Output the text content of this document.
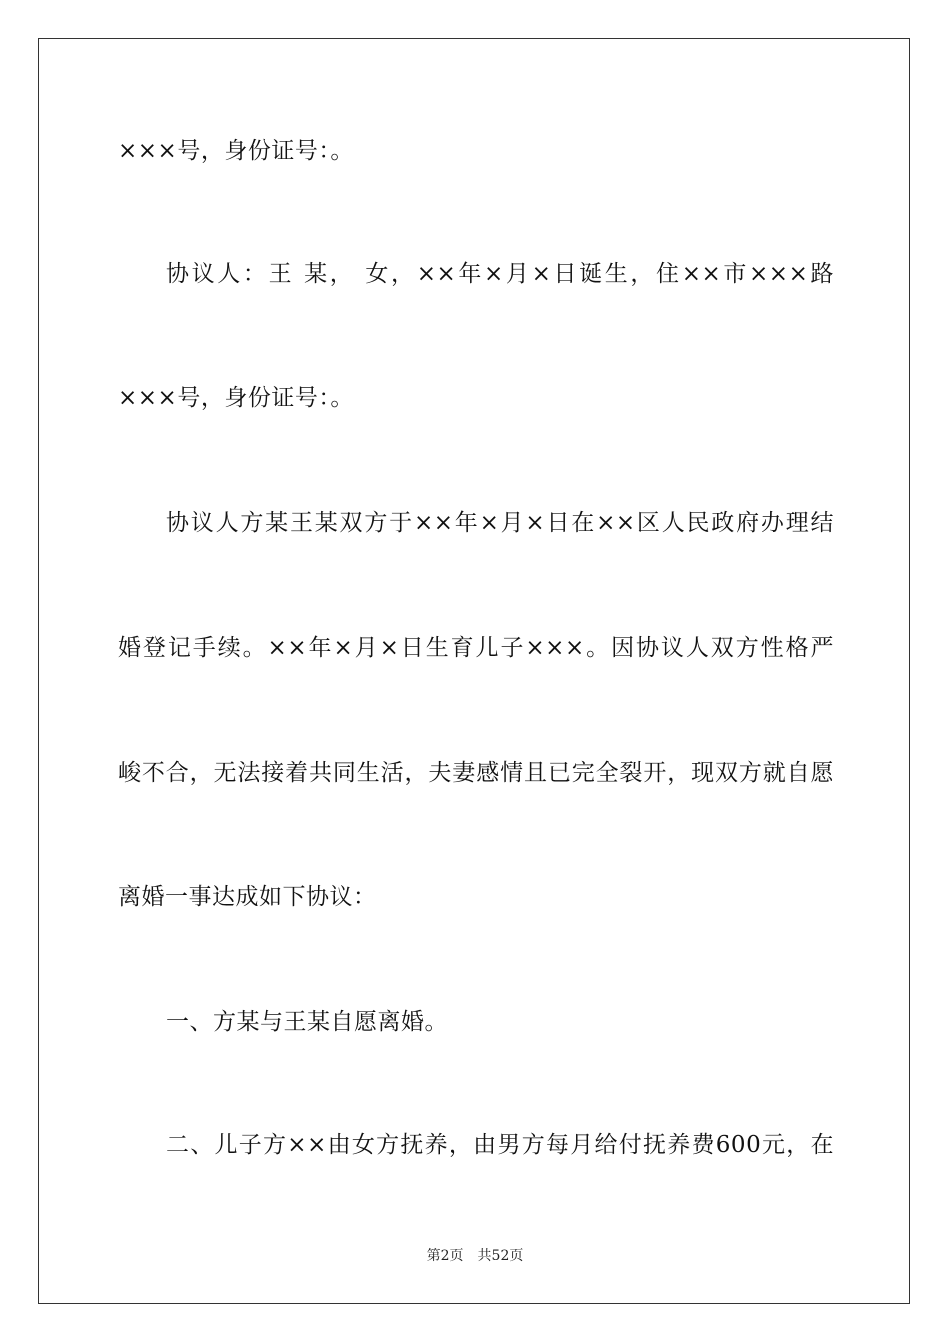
×××号，身份证号：。
协议人：王 某， 女，××年×月×日诞生，住××市×××路
×××号，身份证号：。
协议人方某王某双方于××年×月×日在××区人民政府办理结
婚登记手续。××年×月×日生育儿子×××。因协议人双方性格严
峻不合，无法接着共同生活，夫妻感情且已完全裂开，现双方就自愿
离婚一事达成如下协议：
一、方某与王某自愿离婚。
二、儿子方××由女方抚养，由男方每月给付抚养费600元，在
第2页 共52页
